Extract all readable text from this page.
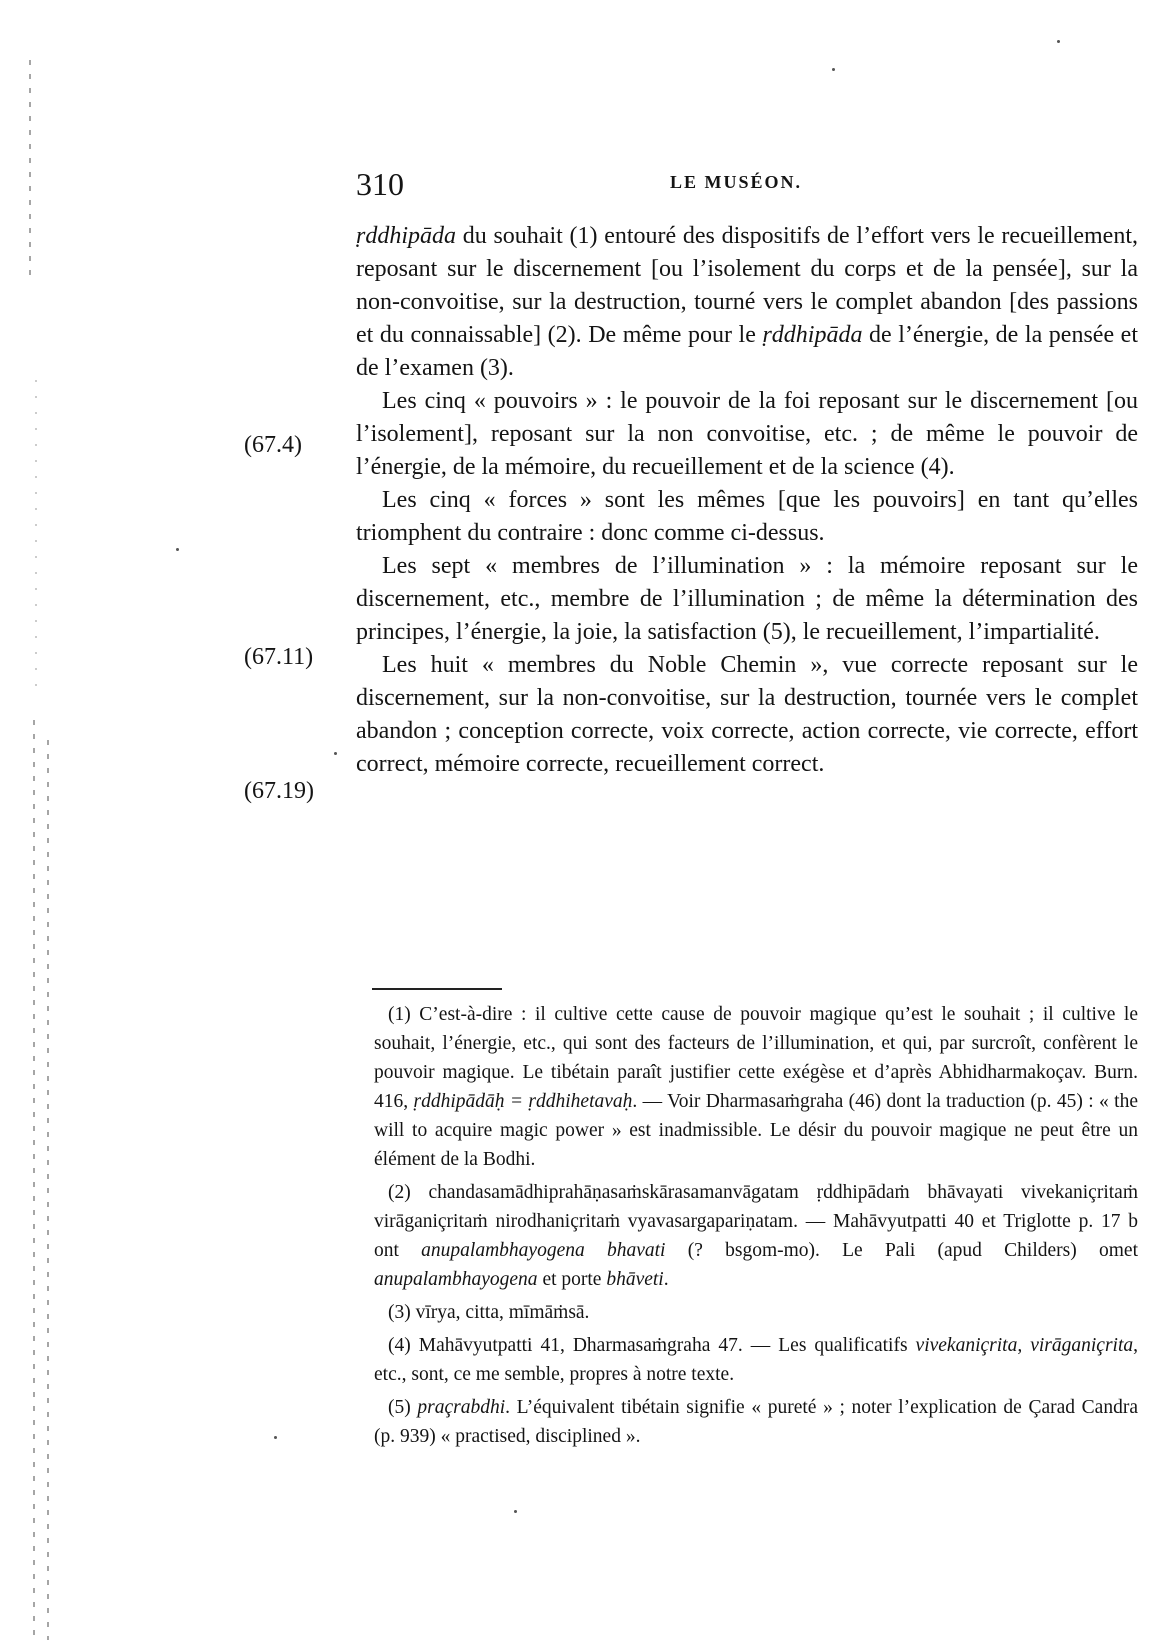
310	LE MUSÉON.
(67.4)
(67.11)
(67.19)

ṛddhipāda du souhait (1) entouré des dispositifs de l’effort vers le recueillement, reposant sur le discernement [ou l’isolement du corps et de la pensée], sur la non-convoitise, sur la destruction, tourné vers le complet abandon [des passions et du connaissable] (2). De même pour le ṛddhipāda de l’énergie, de la pensée et de l’examen (3).

Les cinq « pouvoirs » : le pouvoir de la foi reposant sur le discernement [ou l’isolement], reposant sur la non convoitise, etc. ; de même le pouvoir de l’énergie, de la mémoire, du recueillement et de la science (4).

Les cinq « forces » sont les mêmes [que les pouvoirs] en tant qu’elles triomphent du contraire : donc comme ci-dessus.

Les sept « membres de l’illumination » : la mémoire reposant sur le discernement, etc., membre de l’illumination ; de même la détermination des principes, l’énergie, la joie, la satisfaction (5), le recueillement, l’impartialité.

Les huit « membres du Noble Chemin », vue correcte reposant sur le discernement, sur la non-convoitise, sur la destruction, tournée vers le complet abandon ; conception correcte, voix correcte, action correcte, vie correcte, effort correct, mémoire correcte, recueillement correct.

(1) C’est-à-dire : il cultive cette cause de pouvoir magique qu’est le souhait ; il cultive le souhait, l’énergie, etc., qui sont des facteurs de l’illumination, et qui, par surcroît, confèrent le pouvoir magique. Le tibétain paraît justifier cette exégèse et d’après Abhidharmakoçav. Burn. 416, ṛddhipādāḥ = ṛddhihetavaḥ. — Voir Dharmasaṁgraha (46) dont la traduction (p. 45) : « the will to acquire magic power » est inadmissible. Le désir du pouvoir magique ne peut être un élément de la Bodhi.

(2) chandasamādhiprahāṇasaṁskārasamanvāgatam ṛddhipādaṁ bhāvayati vivekaniçritaṁ virāganiçritaṁ nirodhaniçritaṁ vyavasargapariṇatam. — Mahāvyutpatti 40 et Triglotte p. 17 b ont anupalambhayogena bhavati (? bsgom-mo). Le Pali (apud Childers) omet anupalambhayogena et porte bhāveti.

(3) vīrya, citta, mīmāṁsā.

(4) Mahāvyutpatti 41, Dharmasaṁgraha 47. — Les qualificatifs vivekaniçrita, virāganiçrita, etc., sont, ce me semble, propres à notre texte.

(5) praçrabdhi. L’équivalent tibétain signifie « pureté » ; noter l’explication de Çarad Candra (p. 939) « practised, disciplined ».
